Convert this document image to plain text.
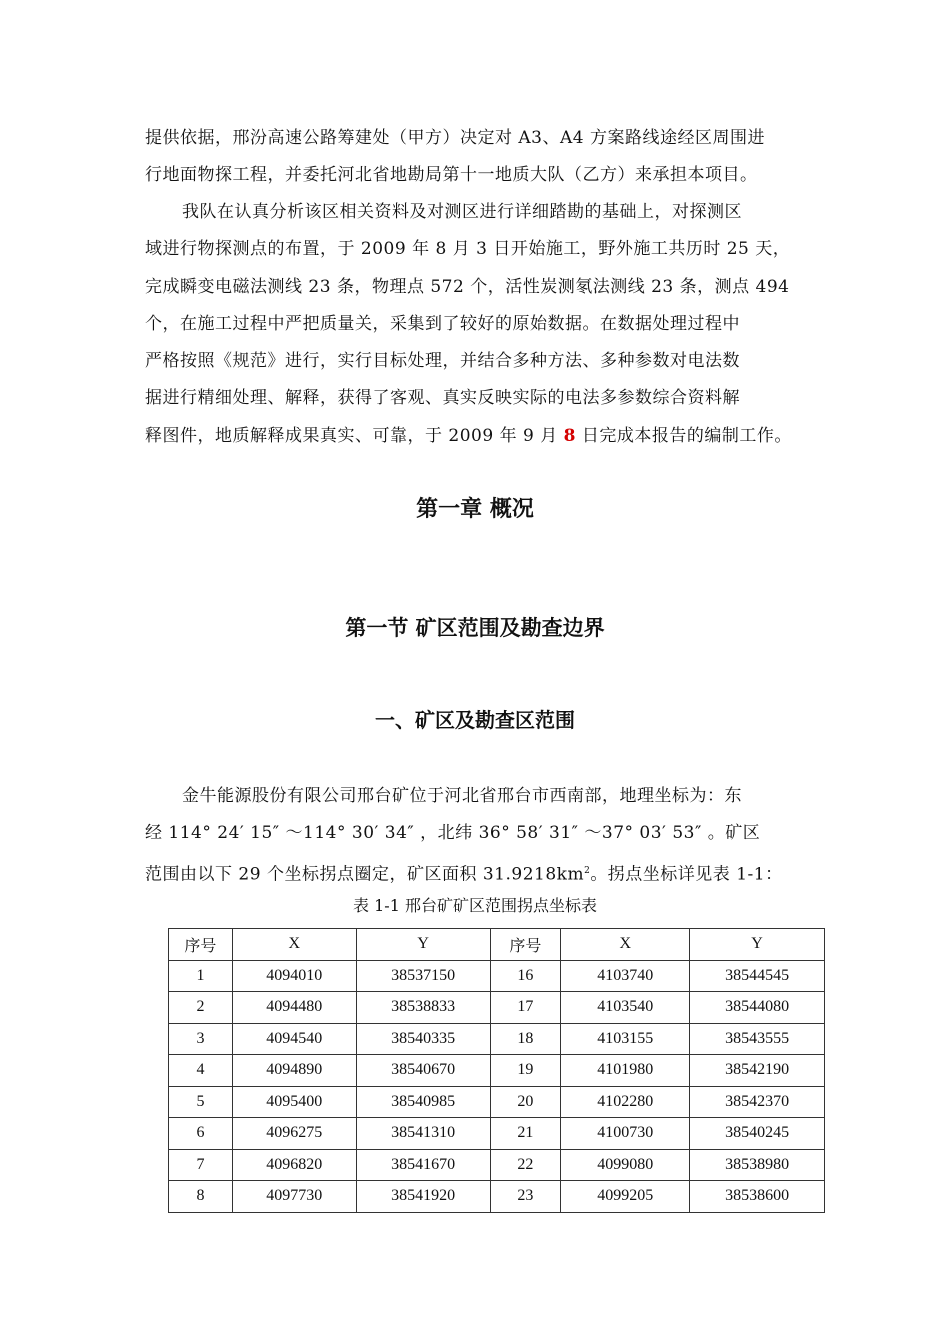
提供依据，邢汾高速公路筹建处（甲方）决定对 A3、A4 方案路线途经区周围进
行地面物探工程，并委托河北省地勘局第十一地质大队（乙方）来承担本项目。
我队在认真分析该区相关资料及对测区进行详细踏勘的基础上，对探测区
域进行物探测点的布置，于 2009 年 8 月 3 日开始施工，野外施工共历时 25 天，
完成瞬变电磁法测线 23 条，物理点 572 个，活性炭测氡法测线 23 条，测点 494
个，在施工过程中严把质量关，采集到了较好的原始数据。在数据处理过程中
严格按照《规范》进行，实行目标处理，并结合多种方法、多种参数对电法数
据进行精细处理、解释，获得了客观、真实反映实际的电法多参数综合资料解
释图件，地质解释成果真实、可靠，于 2009 年 9 月 8 日完成本报告的编制工作。
第一章 概况
第一节 矿区范围及勘查边界
一、矿区及勘查区范围
金牛能源股份有限公司邢台矿位于河北省邢台市西南部，地理坐标为：东
经 114° 24′ 15″ ～114° 30′ 34″ ，北纬 36° 58′ 31″ ～37° 03′ 53″ 。矿区
范围由以下 29 个坐标拐点圈定，矿区面积 $31.9218km^2$。拐点坐标详见表 1-1：

表 1-1 邢台矿矿区范围拐点坐标表

序号	X	Y	序号	X	Y
1	4094010	38537150	16	4103740	38544545
2	4094480	38538833	17	4103540	38544080
3	4094540	38540335	18	4103155	38543555
4	4094890	38540670	19	4101980	38542190
5	4095400	38540985	20	4102280	38542370
6	4096275	38541310	21	4100730	38540245
7	4096820	38541670	22	4099080	38538980
8	4097730	38541920	23	4099205	38538600
